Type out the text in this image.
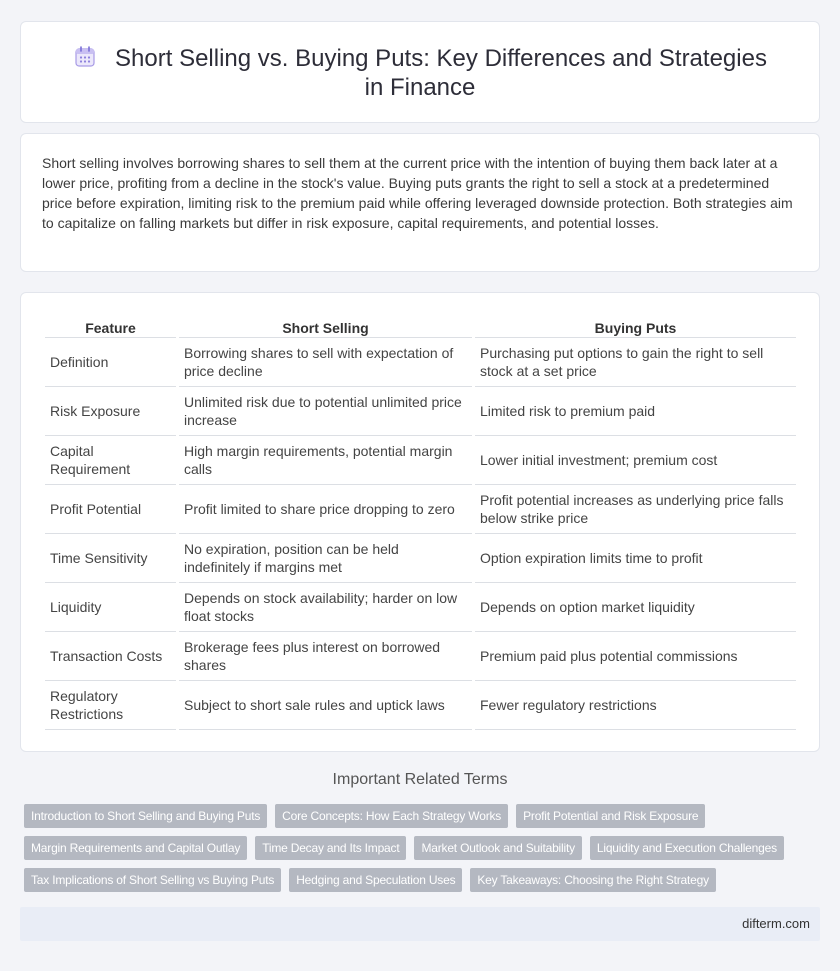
Short Selling vs. Buying Puts: Key Differences and Strategies in Finance

Short selling involves borrowing shares to sell them at the current price with the intention of buying them back later at a lower price, profiting from a decline in the stock's value. Buying puts grants the right to sell a stock at a predetermined price before expiration, limiting risk to the premium paid while offering leveraged downside protection. Both strategies aim to capitalize on falling markets but differ in risk exposure, capital requirements, and potential losses.

Feature	Short Selling	Buying Puts
Definition	Borrowing shares to sell with expectation of price decline	Purchasing put options to gain the right to sell stock at a set price
Risk Exposure	Unlimited risk due to potential unlimited price increase	Limited risk to premium paid
Capital Requirement	High margin requirements, potential margin calls	Lower initial investment; premium cost
Profit Potential	Profit limited to share price dropping to zero	Profit potential increases as underlying price falls below strike price
Time Sensitivity	No expiration, position can be held indefinitely if margins met	Option expiration limits time to profit
Liquidity	Depends on stock availability; harder on low float stocks	Depends on option market liquidity
Transaction Costs	Brokerage fees plus interest on borrowed shares	Premium paid plus potential commissions
Regulatory Restrictions	Subject to short sale rules and uptick laws	Fewer regulatory restrictions
Important Related Terms
Introduction to Short Selling and Buying Puts Core Concepts: How Each Strategy Works Profit Potential and Risk Exposure
Margin Requirements and Capital Outlay Time Decay and Its Impact Market Outlook and Suitability Liquidity and Execution Challenges
Tax Implications of Short Selling vs Buying Puts Hedging and Speculation Uses Key Takeaways: Choosing the Right Strategy
difterm.com
